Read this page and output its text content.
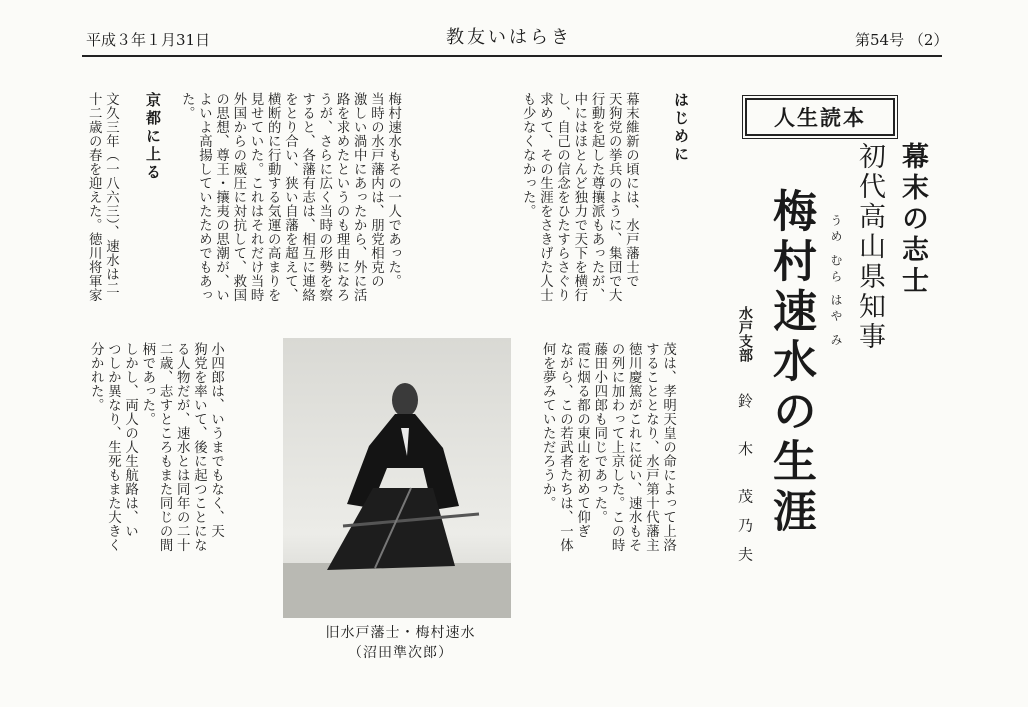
平成３年１月31日	教友いはらき	第54号 （2）
人生読本
幕末の志士
初代高山県知事
うめ むら はや み
梅村速水の生涯
水戸支部
鈴 木 茂乃夫
はじめに
幕末維新の頃には、水戸藩士で
天狗党の挙兵のように、集団で大
行動を起した尊攘派もあったが、
中にはほとんど独力で天下を横行
し、自己の信念をひたすらさぐり
求めて、その生涯をさきげた人士
も少なくなかった。
梅村速水もその一人であった。
当時の水戸藩内は、朋党相克の
激しい渦中にあったから、外に活
路を求めたというのも理由になろ
うが、さらに広く当時の形勢を察
すると、各藩有志は、相互に連絡
をとり合い、狭い自藩を超えて、
横断的に行動する気運の高まりを
見せていた。これはそれだけ当時
外国からの威圧に対抗して、救国
の思想、尊王・攘夷の思潮が、い
よいよ高揚していたためでもあっ
た。
京都に上る
文久三年（一八六三）、速水は二
十二歳の春を迎えた。徳川将軍家
茂は、孝明天皇の命によって上洛
することとなり、水戸第十代藩主
徳川慶篤がこれに従い、速水もそ
の列に加わって上京した。この時
藤田小四郎も同じであった。
霞に烟る都の東山を初めて仰ぎ
ながら、この若武者たちは、一体
何を夢みていただろうか。
小四郎は、いうまでもなく、天
狗党を率いて、後に起つことにな
る人物だが、速水とは同年の二十
二歳、志すところもまた同じの間
柄であった。
しかし、両人の人生航路は、い
つしか異なり、生死もまた大きく
分かれた。
旧水戸藩士・梅村速水
（沼田準次郎）
